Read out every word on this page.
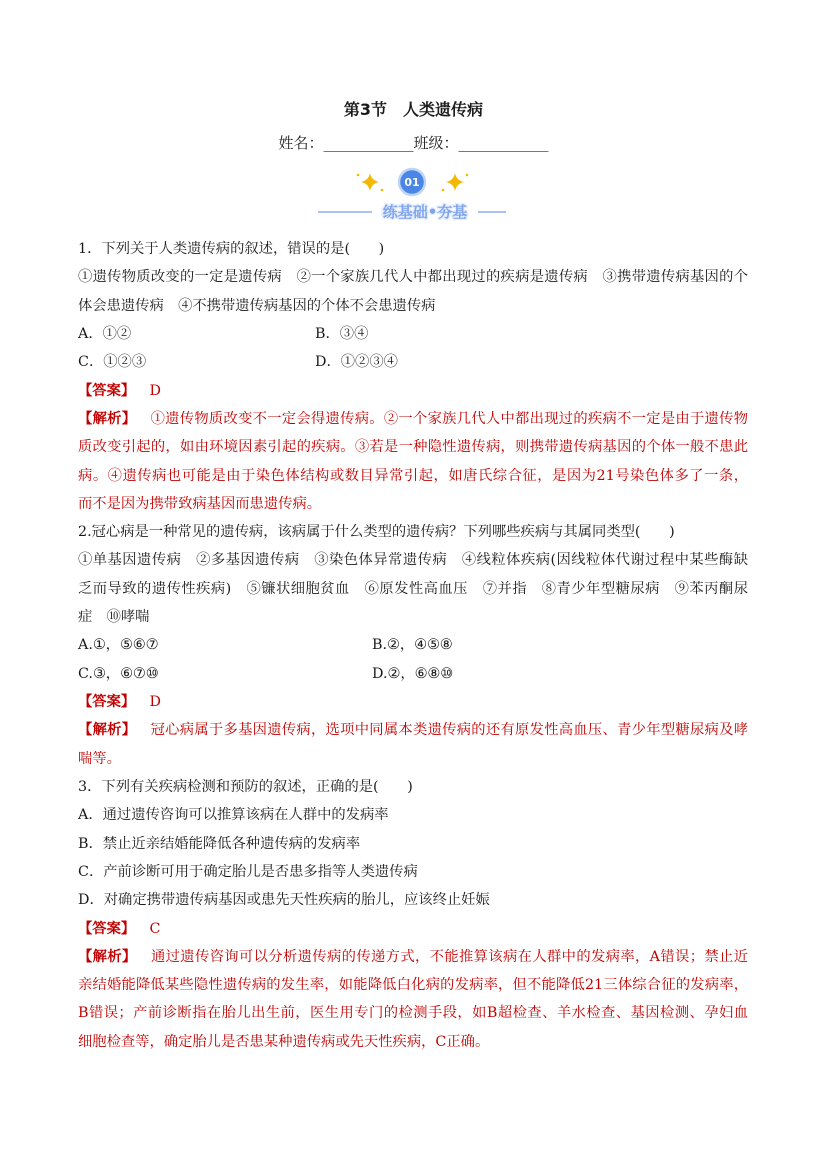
第3节　人类遗传病
姓名：____________班级：____________
01
练基础•夯基
1．下列关于人类遗传病的叙述，错误的是(　　)
①遗传物质改变的一定是遗传病　②一个家族几代人中都出现过的疾病是遗传病　③携带遗传病基因的个
体会患遗传病　④不携带遗传病基因的个体不会患遗传病
A．①②	B．③④
C．①②③	D．①②③④
【答案】 D
【解析】 ①遗传物质改变不一定会得遗传病。②一个家族几代人中都出现过的疾病不一定是由于遗传物
质改变引起的，如由环境因素引起的疾病。③若是一种隐性遗传病，则携带遗传病基因的个体一般不患此
病。④遗传病也可能是由于染色体结构或数目异常引起，如唐氏综合征，是因为21号染色体多了一条，
而不是因为携带致病基因而患遗传病。
2.冠心病是一种常见的遗传病，该病属于什么类型的遗传病？下列哪些疾病与其属同类型(　　)
①单基因遗传病　②多基因遗传病　③染色体异常遗传病　④线粒体疾病(因线粒体代谢过程中某些酶缺
乏而导致的遗传性疾病)　⑤镰状细胞贫血　⑥原发性高血压　⑦并指　⑧青少年型糖尿病　⑨苯丙酮尿
症　⑩哮喘
A.①，⑤⑥⑦	B.②，④⑤⑧
C.③，⑥⑦⑩	D.②，⑥⑧⑩
【答案】 D
【解析】 冠心病属于多基因遗传病，选项中同属本类遗传病的还有原发性高血压、青少年型糖尿病及哮
喘等。
3．下列有关疾病检测和预防的叙述，正确的是(　　)
A．通过遗传咨询可以推算该病在人群中的发病率
B．禁止近亲结婚能降低各种遗传病的发病率
C．产前诊断可用于确定胎儿是否患多指等人类遗传病
D．对确定携带遗传病基因或患先天性疾病的胎儿，应该终止妊娠
【答案】 C
【解析】 通过遗传咨询可以分析遗传病的传递方式，不能推算该病在人群中的发病率，A错误；禁止近
亲结婚能降低某些隐性遗传病的发生率，如能降低白化病的发病率，但不能降低21三体综合征的发病率，
B错误；产前诊断指在胎儿出生前，医生用专门的检测手段，如B超检查、羊水检查、基因检测、孕妇血
细胞检查等，确定胎儿是否患某种遗传病或先天性疾病，C正确。
